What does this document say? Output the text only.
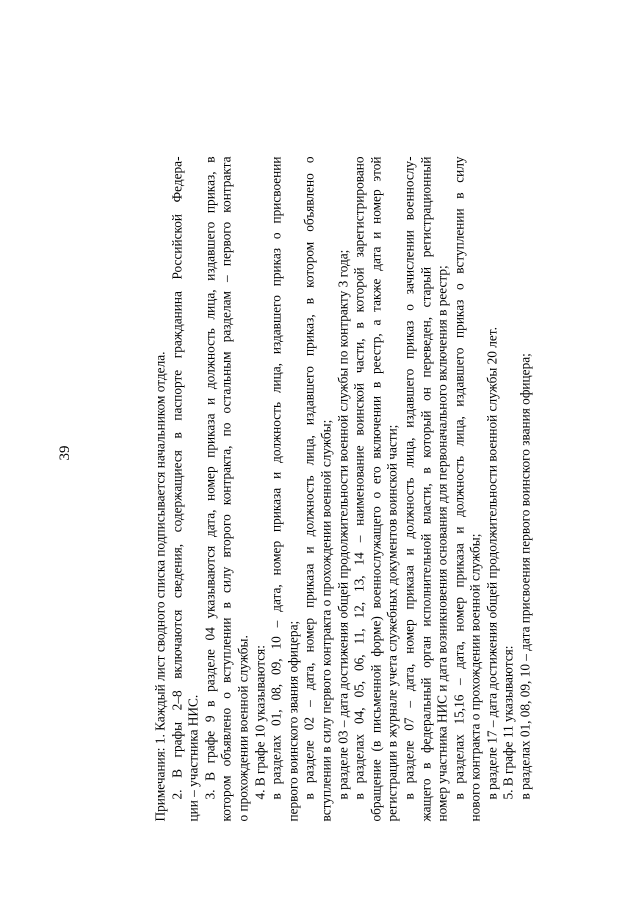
39	Примечания: 1. Каждый лист сводного списка подписывается начальником отдела. 2. В графы 2–8 включаются сведения, содержащиеся в паспорте гражданина Российской Федера- ции – участника НИС. 3. В графе 9 в разделе 04 указываются дата, номер приказа и должность лица, издавшего приказ, в котором объявлено о вступлении в силу второго контракта, по остальным разделам – первого контракта о прохождении военной службы. 4. В графе 10 указываются: в разделах 01, 08, 09, 10 – дата, номер приказа и должность лица, издавшего приказ о присвоении первого воинского звания офицера; в разделе 02 – дата, номер приказа и должность лица, издавшего приказ, в котором объявлено о вступлении в силу первого контракта о прохождении военной службы; в разделе 03 – дата достижения общей продолжительности военной службы по контракту 3 года; в разделах 04, 05, 06, 11, 12, 13, 14 – наименование воинской части, в которой зарегистрировано обращение (в письменной форме) военнослужащего о его включении в реестр, а также дата и номер этой регистрации в журнале учета служебных документов воинской части; в разделе 07 – дата, номер приказа и должность лица, издавшего приказ о зачислении военнослу- жащего в федеральный орган исполнительной власти, в который он переведен, старый регистрационный номер участника НИС и дата возникновения основания для первоначального включения в реестр; в разделах 15,16 – дата, номер приказа и должность лица, издавшего приказ о вступлении в силу нового контракта о прохождении военной службы; в разделе 17 – дата достижения общей продолжительности военной службы 20 лет. 5. В графе 11 указываются: в разделах 01, 08, 09, 10 – дата присвоения первого воинского звания офицера;
